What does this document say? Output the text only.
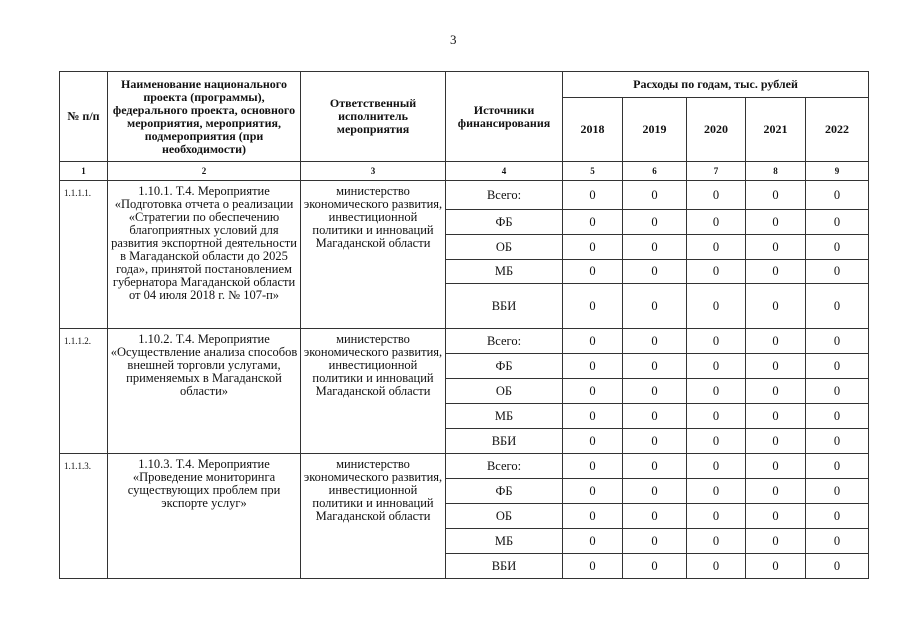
3
№ п/п	Наименование национального проекта (программы), федерального проекта, основного мероприятия, мероприятия, подмероприятия (при необходимости)	Ответственный исполнитель мероприятия	Источники финансирования	Расходы по годам, тыс. рублей				
				2018	2019	2020	2021	2022
1	2	3	4	5	6	7	8	9
1.1.1.1.	1.10.1. Т.4. Мероприятие «Подготовка отчета о реализации «Стратегии по обеспечению благоприятных условий для развития экспортной деятельности в Магаданской области до 2025 года», принятой постановлением губернатора Магаданской области от 04 июля 2018 г. № 107-п»	министерство экономического развития, инвестиционной политики и инноваций Магаданской области	Всего:	0	0	0	0	0
			ФБ	0	0	0	0	0
			ОБ	0	0	0	0	0
			МБ	0	0	0	0	0
			ВБИ	0	0	0	0	0
1.1.1.2.	1.10.2. Т.4. Мероприятие «Осуществление анализа способов внешней торговли услугами, применяемых в Магаданской области»	министерство экономического развития, инвестиционной политики и инноваций Магаданской области	Всего:	0	0	0	0	0
			ФБ	0	0	0	0	0
			ОБ	0	0	0	0	0
			МБ	0	0	0	0	0
			ВБИ	0	0	0	0	0
1.1.1.3.	1.10.3. Т.4. Мероприятие «Проведение мониторинга существующих проблем при экспорте услуг»	министерство экономического развития, инвестиционной политики и инноваций Магаданской области	Всего:	0	0	0	0	0
			ФБ	0	0	0	0	0
			ОБ	0	0	0	0	0
			МБ	0	0	0	0	0
			ВБИ	0	0	0	0	0
